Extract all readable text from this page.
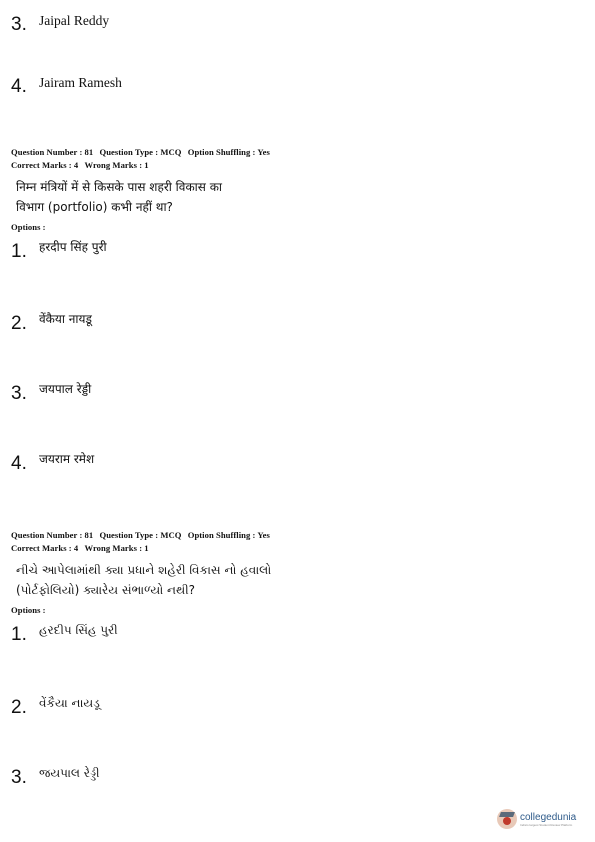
3. Jaipal Reddy
4. Jairam Ramesh
Question Number : 81 Question Type : MCQ Option Shuffling : Yes
Correct Marks : 4 Wrong Marks : 1
निम्न मंत्रियों में से किसके पास शहरी विकास का
विभाग (portfolio) कभी नहीं था?
Options :
1.	हरदीप सिंह पुरी
2.	वेंकैया नायडू
3.	जयपाल रेड्डी
4.	जयराम रमेश
Question Number : 81 Question Type : MCQ Option Shuffling : Yes
Correct Marks : 4 Wrong Marks : 1
નીચે આપેલામાંથી ક્યા પ્રધાને શહેરી વિકાસ નો હવાલો
(પોર્ટફોલિયો) ક્યારેય સંભાળ્યો નથી?
Options :
1.	હરદીપ સિંહ પુરી
2.	વેંકૈયા નાયડૂ
3.	જયપાલ રેડ્ડી
collegedunia
India's largest Student Review Platform
